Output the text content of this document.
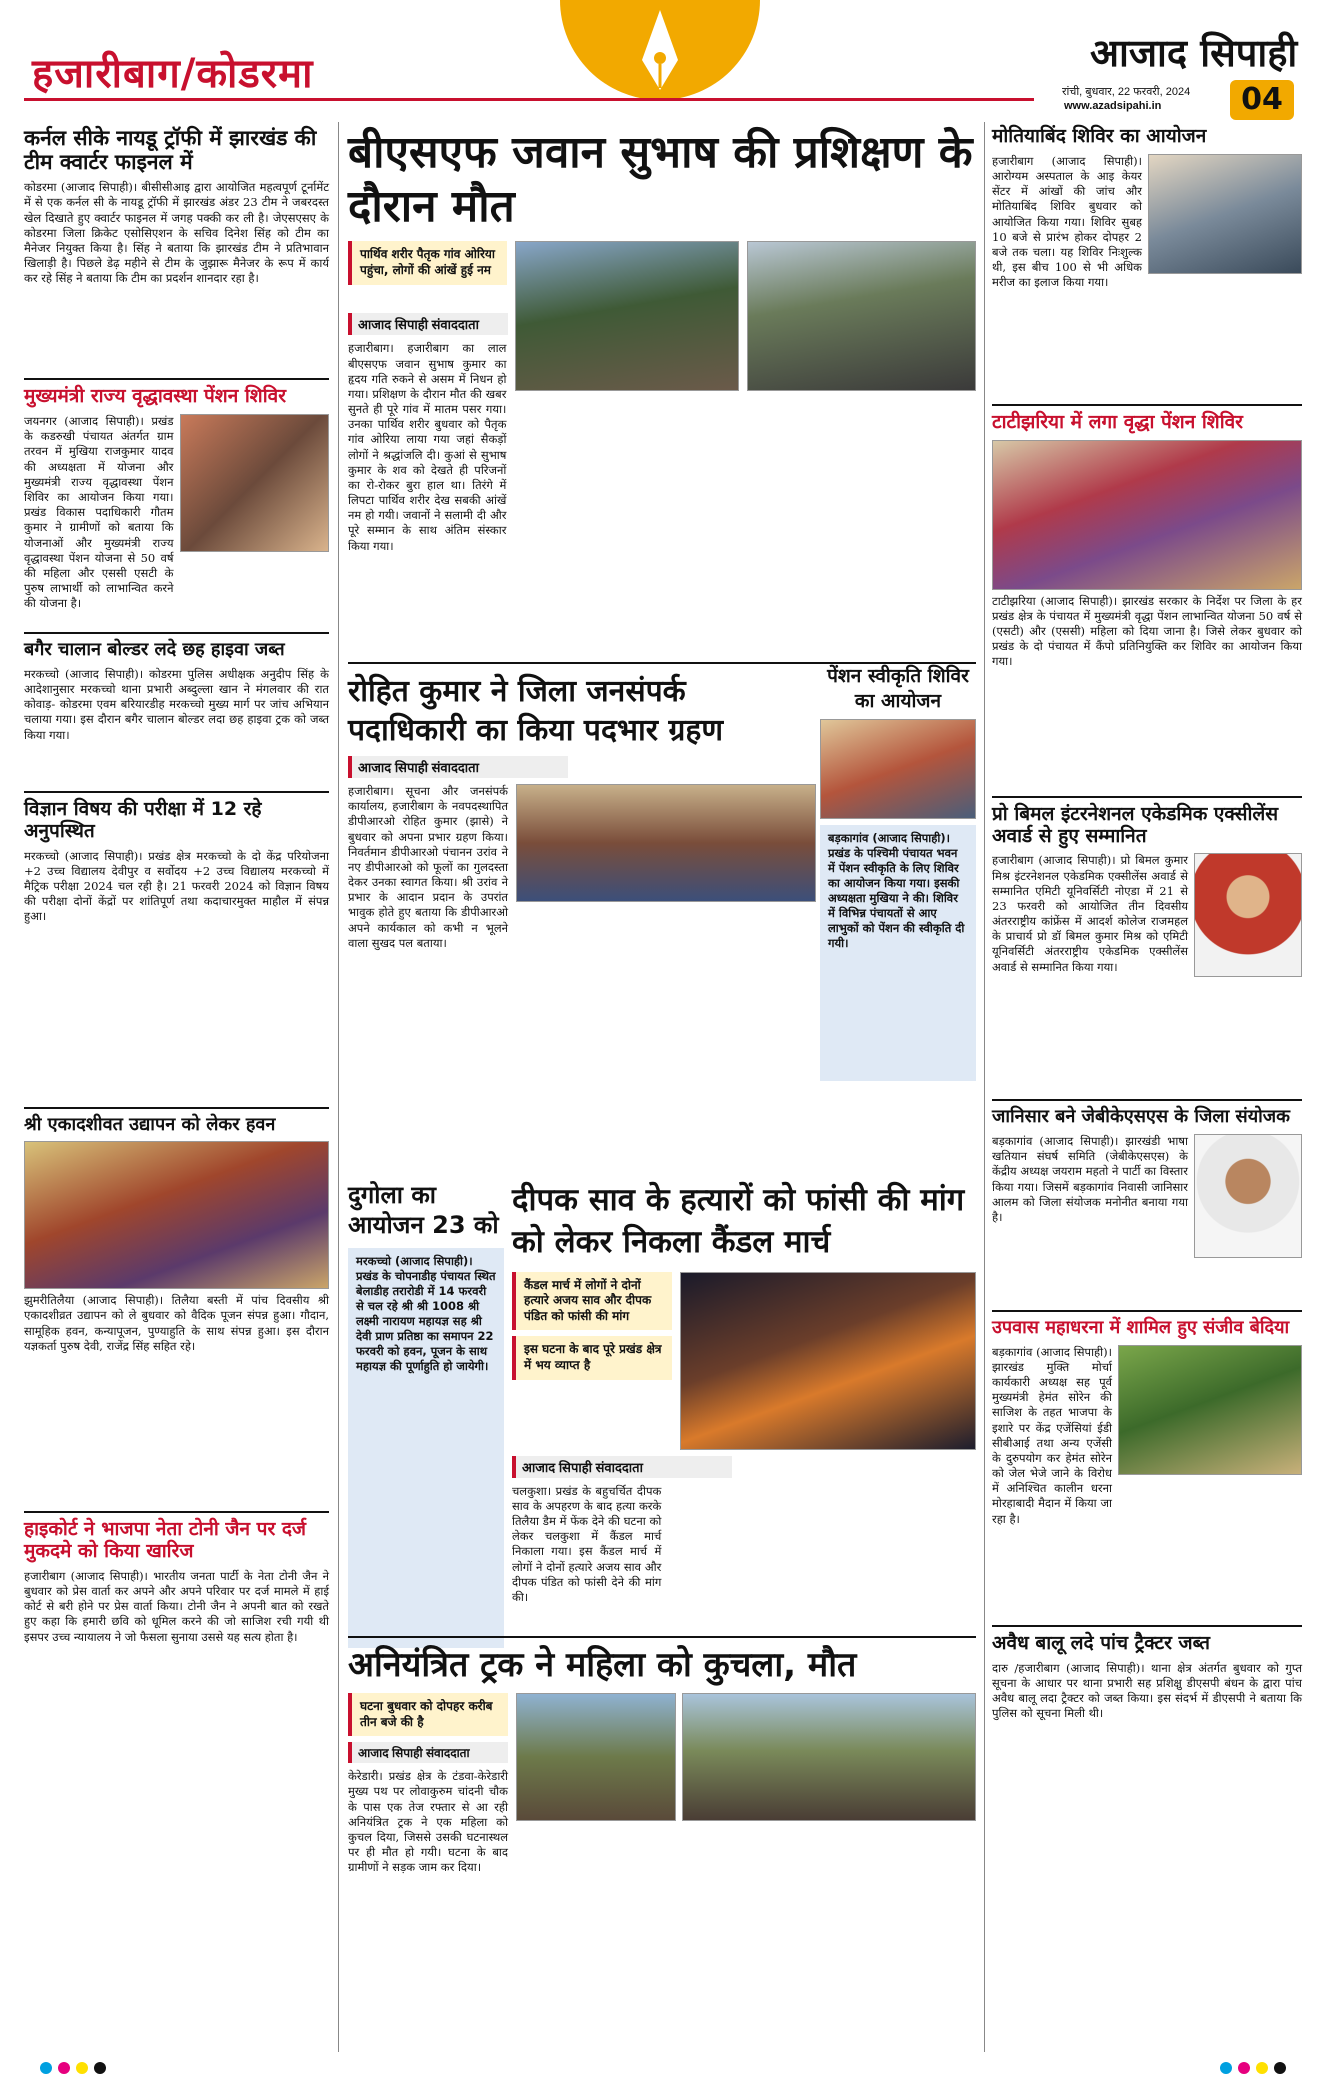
हजारीबाग/कोडरमा	आजाद सिपाही
रांची, बुधवार, 22 फरवरी, 2024
www.azadsipahi.in	04
कर्नल सीके नायडू ट्रॉफी में झारखंड की टीम क्वार्टर फाइनल में
कोडरमा (आजाद सिपाही)। बीसीसीआइ द्वारा आयोजित महत्वपूर्ण टूर्नामेंट में से एक कर्नल सी के नायडू ट्रॉफी में झारखंड अंडर 23 टीम ने जबरदस्त खेल दिखाते हुए क्वार्टर फाइनल में जगह पक्की कर ली है। जेएसएसए के कोडरमा जिला क्रिकेट एसोसिएशन के सचिव दिनेश सिंह को टीम का मैनेजर नियुक्त किया है। सिंह ने बताया कि झारखंड टीम ने प्रतिभावान खिलाड़ी है। पिछले डेढ़ महीने से टीम के जुझारू मैनेजर के रूप में कार्य कर रहे सिंह ने बताया कि टीम का प्रदर्शन शानदार रहा है।
मुख्यमंत्री राज्य वृद्धावस्था पेंशन शिविर
जयनगर (आजाद सिपाही)। प्रखंड के कडरुखी पंचायत अंतर्गत ग्राम तरवन में मुखिया राजकुमार यादव की अध्यक्षता में योजना और मुख्यमंत्री राज्य वृद्धावस्था पेंशन शिविर का आयोजन किया गया। प्रखंड विकास पदाधिकारी गौतम कुमार ने ग्रामीणों को बताया कि योजनाओं और मुख्यमंत्री राज्य वृद्धावस्था पेंशन योजना से 50 वर्ष की महिला और एससी एसटी के पुरुष लाभार्थी को लाभान्वित करने की योजना है।
बगैर चालान बोल्डर लदे छह हाइवा जब्त
मरकच्चो (आजाद सिपाही)। कोडरमा पुलिस अधीक्षक अनुदीप सिंह के आदेशानुसार मरकच्चो थाना प्रभारी अब्दुल्ला खान ने मंगलवार की रात कोवाड़- कोडरमा एवम बरियारडीह मरकच्चो मुख्य मार्ग पर जांच अभियान चलाया गया। इस दौरान बगैर चालान बोल्डर लदा छह हाइवा ट्रक को जब्त किया गया।
विज्ञान विषय की परीक्षा में 12 रहे अनुपस्थित
मरकच्चो (आजाद सिपाही)। प्रखंड क्षेत्र मरकच्चो के दो केंद्र परियोजना +2 उच्च विद्यालय देवीपुर व सर्वोदय +2 उच्च विद्यालय मरकच्चो में मैट्रिक परीक्षा 2024 चल रही है। 21 फरवरी 2024 को विज्ञान विषय की परीक्षा दोनों केंद्रों पर शांतिपूर्ण तथा कदाचारमुक्त माहौल में संपन्न हुआ।
श्री एकादशीवत उद्यापन को लेकर हवन
झुमरीतिलैया (आजाद सिपाही)। तिलैया बस्ती में पांच दिवसीय श्री एकादशीव्रत उद्यापन को ले बुधवार को वैदिक पूजन संपन्न हुआ। गौदान, सामूहिक हवन, कन्यापूजन, पुण्याहुति के साथ संपन्न हुआ। इस दौरान यज्ञकर्ता पुरुष देवी, राजेंद्र सिंह सहित रहे।
हाइकोर्ट ने भाजपा नेता टोनी जैन पर दर्ज मुकदमे को किया खारिज
हजारीबाग (आजाद सिपाही)। भारतीय जनता पार्टी के नेता टोनी जैन ने बुधवार को प्रेस वार्ता कर अपने और अपने परिवार पर दर्ज मामले में हाई कोर्ट से बरी होने पर प्रेस वार्ता किया। टोनी जैन ने अपनी बात को रखते हुए कहा कि हमारी छवि को धूमिल करने की जो साजिश रची गयी थी इसपर उच्च न्यायालय ने जो फैसला सुनाया उससे यह सत्य होता है।
बीएसएफ जवान सुभाष की प्रशिक्षण के दौरान मौत
पार्थिव शरीर पैतृक गांव ओरिया पहुंचा, लोगों की आंखें हुई नम
आजाद सिपाही संवाददाता
हजारीबाग। हजारीबाग का लाल बीएसएफ जवान सुभाष कुमार का हृदय गति रुकने से असम में निधन हो गया। प्रशिक्षण के दौरान मौत की खबर सुनते ही पूरे गांव में मातम पसर गया। उनका पार्थिव शरीर बुधवार को पैतृक गांव ओरिया लाया गया जहां सैकड़ों लोगों ने श्रद्धांजलि दी। कुआं से सुभाष कुमार के शव को देखते ही परिजनों का रो-रोकर बुरा हाल था। तिरंगे में लिपटा पार्थिव शरीर देख सबकी आंखें नम हो गयी। जवानों ने सलामी दी और पूरे सम्मान के साथ अंतिम संस्कार किया गया।
रोहित कुमार ने जिला जनसंपर्क पदाधिकारी का किया पदभार ग्रहण
आजाद सिपाही संवाददाता
हजारीबाग। सूचना और जनसंपर्क कार्यालय, हजारीबाग के नवपदस्थापित डीपीआरओ रोहित कुमार (झासे) ने बुधवार को अपना प्रभार ग्रहण किया। निवर्तमान डीपीआरओ पंचानन उरांव ने नए डीपीआरओ को फूलों का गुलदस्ता देकर उनका स्वागत किया। श्री उरांव ने प्रभार के आदान प्रदान के उपरांत भावुक होते हुए बताया कि डीपीआरओ अपने कार्यकाल को कभी न भूलने वाला सुखद पल बताया।
पेंशन स्वीकृति शिविर का आयोजन
बड़कागांव (आजाद सिपाही)। प्रखंड के पश्चिमी पंचायत भवन में पेंशन स्वीकृति के लिए शिविर का आयोजन किया गया। इसकी अध्यक्षता मुखिया ने की। शिविर में विभिन्न पंचायतों से आए लाभुकों को पेंशन की स्वीकृति दी गयी।
दुगोला का आयोजन 23 को
मरकच्चो (आजाद सिपाही)। प्रखंड के चोपनाडीह पंचायत स्थित बेलाडीह तरारोडी में 14 फरवरी से चल रहे श्री श्री 1008 श्री लक्ष्मी नारायण महायज्ञ सह श्री देवी प्राण प्रतिष्ठा का समापन 22 फरवरी को हवन, पूजन के साथ महायज्ञ की पूर्णाहुति हो जायेगी।
दीपक साव के हत्यारों को फांसी की मांग को लेकर निकला कैंडल मार्च
कैंडल मार्च में लोगों ने दोनों हत्यारे अजय साव और दीपक पंडित को फांसी की मांग
इस घटना के बाद पूरे प्रखंड क्षेत्र में भय व्याप्त है
आजाद सिपाही संवाददाता
चलकुशा। प्रखंड के बहुचर्चित दीपक साव के अपहरण के बाद हत्या करके तिलैया डैम में फेंक देने की घटना को लेकर चलकुशा में कैंडल मार्च निकाला गया। इस कैंडल मार्च में लोगों ने दोनों हत्यारे अजय साव और दीपक पंडित को फांसी देने की मांग की।
अनियंत्रित ट्रक ने महिला को कुचला, मौत
घटना बुधवार को दोपहर करीब तीन बजे की है
आजाद सिपाही संवाददाता
केरेडारी। प्रखंड क्षेत्र के टंडवा-केरेडारी मुख्य पथ पर लोवाकुरुम चांदनी चौक के पास एक तेज रफ्तार से आ रही अनियंत्रित ट्रक ने एक महिला को कुचल दिया, जिससे उसकी घटनास्थल पर ही मौत हो गयी। घटना के बाद ग्रामीणों ने सड़क जाम कर दिया।
मोतियाबिंद शिविर का आयोजन
हजारीबाग (आजाद सिपाही)। आरोग्यम अस्पताल के आइ केयर सेंटर में आंखों की जांच और मोतियाबिंद शिविर बुधवार को आयोजित किया गया। शिविर सुबह 10 बजे से प्रारंभ होकर दोपहर 2 बजे तक चला। यह शिविर निःशुल्क थी, इस बीच 100 से भी अधिक मरीज का इलाज किया गया।
टाटीझरिया में लगा वृद्धा पेंशन शिविर
टाटीझरिया (आजाद सिपाही)। झारखंड सरकार के निर्देश पर जिला के हर प्रखंड क्षेत्र के पंचायत में मुख्यमंत्री वृद्धा पेंशन लाभान्वित योजना 50 वर्ष से (एसटी) और (एससी) महिला को दिया जाना है। जिसे लेकर बुधवार को प्रखंड के दो पंचायत में कैंपो प्रतिनियुक्ति कर शिविर का आयोजन किया गया।
प्रो बिमल इंटरनेशनल एकेडमिक एक्सीलेंस अवार्ड से हुए सम्मानित
हजारीबाग (आजाद सिपाही)। प्रो बिमल कुमार मिश्र इंटरनेशनल एकेडमिक एक्सीलेंस अवार्ड से सम्मानित एमिटी यूनिवर्सिटी नोएडा में 21 से 23 फरवरी को आयोजित तीन दिवसीय अंतरराष्ट्रीय कांफ्रेंस में आदर्श कोलेज राजमहल के प्राचार्य प्रो डॉ बिमल कुमार मिश्र को एमिटी यूनिवर्सिटी अंतरराष्ट्रीय एकेडमिक एक्सीलेंस अवार्ड से सम्मानित किया गया।
जानिसार बने जेबीकेएसएस के जिला संयोजक
बड़कागांव (आजाद सिपाही)। झारखंडी भाषा खतियान संघर्ष समिति (जेबीकेएसएस) के केंद्रीय अध्यक्ष जयराम महतो ने पार्टी का विस्तार किया गया। जिसमें बड़कागांव निवासी जानिसार आलम को जिला संयोजक मनोनीत बनाया गया है।
उपवास महाधरना में शामिल हुए संजीव बेदिया
बड़कागांव (आजाद सिपाही)। झारखंड मुक्ति मोर्चा कार्यकारी अध्यक्ष सह पूर्व मुख्यमंत्री हेमंत सोरेन की साजिश के तहत भाजपा के इशारे पर केंद्र एजेंसियां ईडी सीबीआई तथा अन्य एजेंसी के दुरुपयोग कर हेमंत सोरेन को जेल भेजे जाने के विरोध में अनिश्चित कालीन धरना मोरहाबादी मैदान में किया जा रहा है।
अवैध बालू लदे पांच ट्रैक्टर जब्त
दारु /हजारीबाग (आजाद सिपाही)। थाना क्षेत्र अंतर्गत बुधवार को गुप्त सूचना के आधार पर थाना प्रभारी सह प्रशिक्षु डीएसपी बंधन के द्वारा पांच अवैध बालू लदा ट्रैक्टर को जब्त किया। इस संदर्भ में डीएसपी ने बताया कि पुलिस को सूचना मिली थी।
